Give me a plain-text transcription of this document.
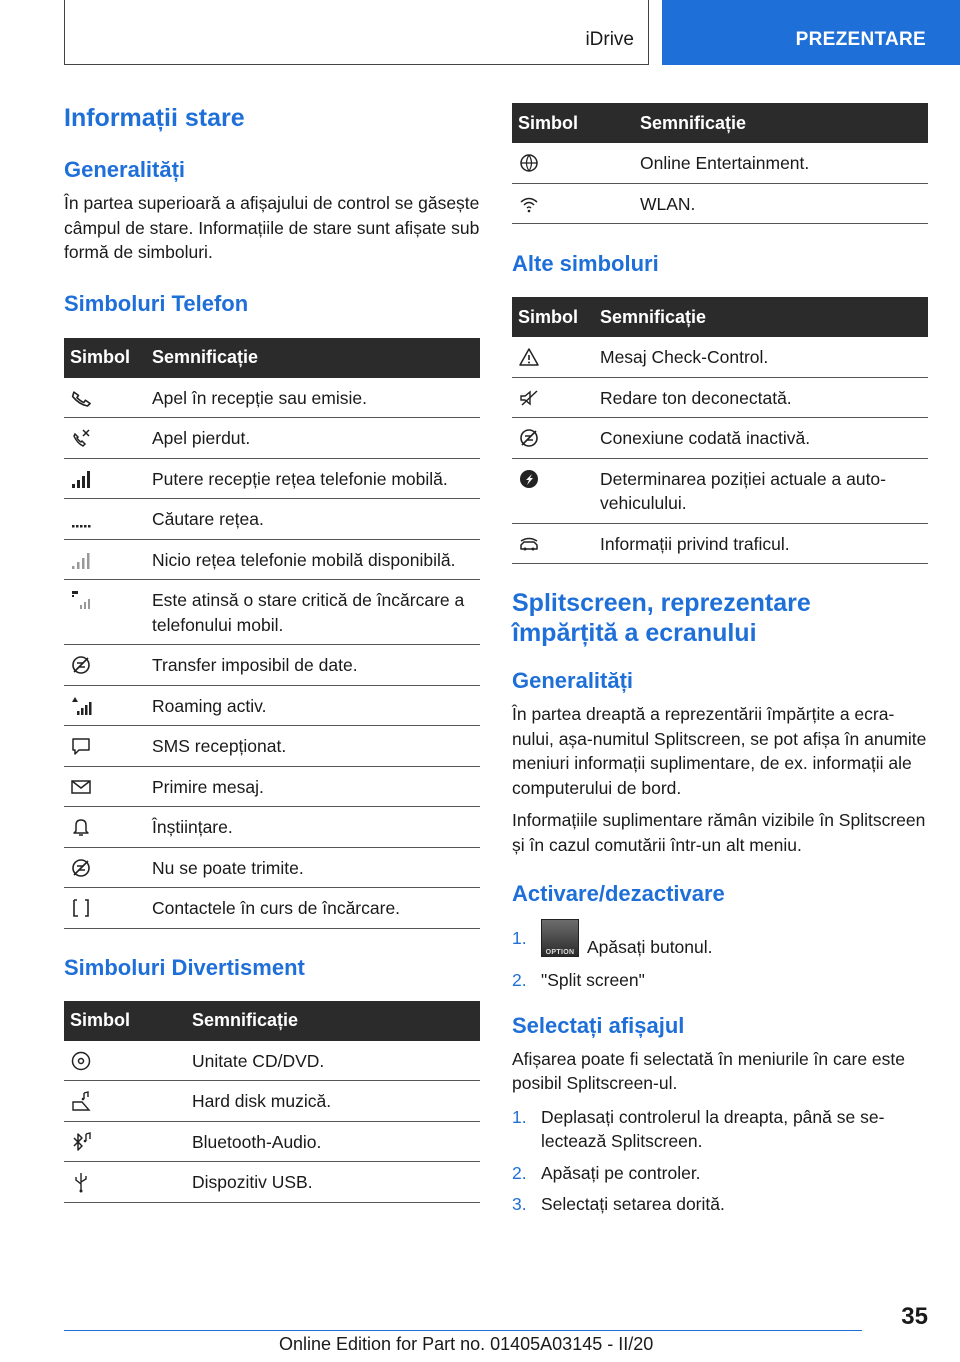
iDrive	PREZENTARE
Informații stare
Generalități

În partea superioară a afișajului de control se găsește câmpul de stare. Informațiile de stare sunt afișate sub formă de simboluri.

Simboluri Telefon
Simbol	Semnificație

	Apel în recepție sau emisie.

	Apel pierdut.

	Putere recepție rețea telefonie mobilă.

	Căutare rețea.

	Nicio rețea telefonie mobilă disponibilă.

	Este atinsă o stare critică de încărcare a telefonului mobil.

	Transfer imposibil de date.

	Roaming activ.

	SMS recepționat.

	Primire mesaj.

	Înștiințare.

	Nu se poate trimite.

	Contactele în curs de încărcare.
Simboluri Divertisment
Simbol	Semnificație

	Unitate CD/DVD.

	Hard disk muzică.

	Bluetooth-Audio.

	Dispozitiv USB.
Simbol	Semnificație

	Online Entertainment.

	WLAN.
Alte simboluri
Simbol	Semnificație

	Mesaj Check-Control.

	Redare ton deconectată.

	Conexiune codată inactivă.

	Determinarea poziției actuale a autovehiculului.

	Informații privind traficul.
Splitscreen, reprezentare
împărțită a ecranului
Generalități

În partea dreaptă a reprezentării împărțite a ecranului, așa-numitul Splitscreen, se pot afișa în anumite meniuri informații suplimentare, de ex. informații ale computerului de bord.

Informațiile suplimentare rămân vizibile în Splitscreen și în cazul comutării într-un alt meniu.

Activare/dezactivare
1.
OPTION Apăsați butonul.
2. "Split screen"
Selectați afișajul

Afișarea poate fi selectată în meniurile în care este posibil Splitscreen-ul.

1. Deplasați controlerul la dreapta, până se selectează Splitscreen.
2. Apăsați pe controler.
3. Selectați setarea dorită.
35
Online Edition for Part no. 01405A03145 - II/20
